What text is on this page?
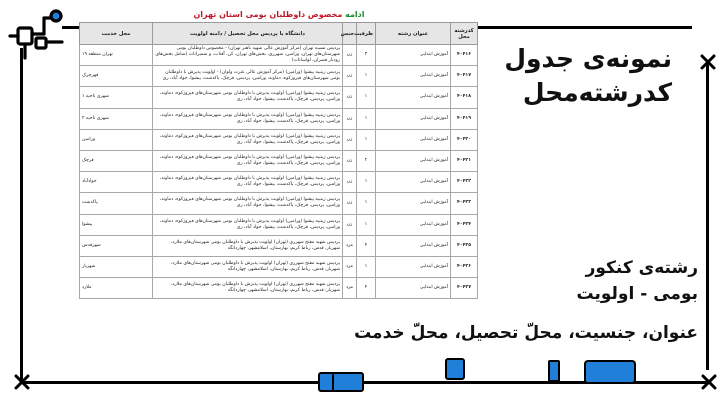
ادامه مخصوص داوطلبان بومی استان تهران
کدرشته محل	عنوان رشته	ظرفیت	جنس	دانشگاه یا پردیس محل تحصیل / دامنه اولویت	محل خدمت
۴۰۴۱۶	آموزش ابتدایی	۳	زن	پردیس نسیبه تهران (مرکز آموزش عالی شهید باهنر تهران) - مخصوص داوطلبان بومی شهرستان‌های تهران، ورامین، شهرری، بخش‌های تهران، کن، آفتاب، و شمیرانات (شامل بخش‌های رودبار قصران، لواسانات)	تهران منطقه ۱۹
۴۰۴۱۷	آموزش ابتدایی	۱	زن	پردیس زینبیه پیشوا (ورامین) (مرکز آموزش عالی عترت ولوان) - اولویت پذیرش با داوطلبان بومی شهرستان‌های فیروزکوه، دماوند، ورامین، پردیس، قرچک، پاکدشت، پیشوا، جواد آباد، ری	قهرچرک
۴۰۴۱۸	آموزش ابتدایی	۱	زن	پردیس زینبیه پیشوا (ورامین) اولویت پذیرش با داوطلبان بومی شهرستان‌های فیروزکوه، دماوند، ورامین، پردیس، قرچک، پاکدشت، پیشوا، جواد آباد، ری	شهری ناحیه ۱
۴۰۴۱۹	آموزش ابتدایی	۱	زن	پردیس زینبیه پیشوا (ورامین) اولویت پذیرش با داوطلبان بومی شهرستان‌های فیروزکوه، دماوند، ورامین، پردیس، قرچک، پاکدشت، پیشوا، جواد آباد، ری	شهری ناحیه ۲
۴۰۴۲۰	آموزش ابتدایی	۱	زن	پردیس زینبیه پیشوا (ورامین) اولویت پذیرش با داوطلبان بومی شهرستان‌های فیروزکوه، دماوند، ورامین، پردیس، قرچک، پاکدشت، پیشوا، جواد آباد، ری	ورامین
۴۰۴۲۱	آموزش ابتدایی	۲	زن	پردیس زینبیه پیشوا (ورامین) اولویت پذیرش با داوطلبان بومی شهرستان‌های فیروزکوه، دماوند، ورامین، پردیس، قرچک، پاکدشت، پیشوا، جواد آباد، ری	قرچک
۴۰۴۲۲	آموزش ابتدایی	۱	زن	پردیس زینبیه پیشوا (ورامین) اولویت پذیرش با داوطلبان بومی شهرستان‌های فیروزکوه، دماوند، ورامین، پردیس، قرچک، پاکدشت، پیشوا، جواد آباد، ری	جوادآباد
۴۰۴۲۳	آموزش ابتدایی	۱	زن	پردیس زینبیه پیشوا (ورامین) اولویت پذیرش با داوطلبان بومی شهرستان‌های فیروزکوه، دماوند، ورامین، پردیس، قرچک، پاکدشت، پیشوا، جواد آباد، ری	پاکدشت
۴۰۴۲۴	آموزش ابتدایی	۱	زن	پردیس زینبیه پیشوا (ورامین) اولویت پذیرش با داوطلبان بومی شهرستان‌های فیروزکوه، دماوند، ورامین، پردیس، قرچک، پاکدشت، پیشوا، جواد آباد، ری	پیشوا
۴۰۴۲۵	آموزش ابتدایی	۴	مرد	پردیس شهید مفتح شهرری (تهران) اولویت پذیرش با داوطلبان بومی شهرستان‌های ملارد، شهریار، قدس، رباط کریم، بهارستان، اسلامشهر، چهاردانگه	شهرقدس
۴۰۴۲۶	آموزش ابتدایی	۱	مرد	پردیس شهید مفتح شهرری (تهران) اولویت پذیرش با داوطلبان بومی شهرستان‌های ملارد، شهریار، قدس، رباط کریم، بهارستان، اسلامشهر، چهاردانگه	شهریار
۴۰۴۲۷	آموزش ابتدایی	۴	مرد	پردیس شهید مفتح شهرری (تهران) اولویت پذیرش با داوطلبان بومی شهرستان‌های ملارد، شهریار، قدس، رباط کریم، بهارستان، اسلامشهر، چهاردانگه	ملارد
نمونه‌ی جدول
کدرشته‌محل
رشته‌ی کنکور
بومی - اولویت
عنوان، جنسیت، محلّ تحصیل، محلّ خدمت
